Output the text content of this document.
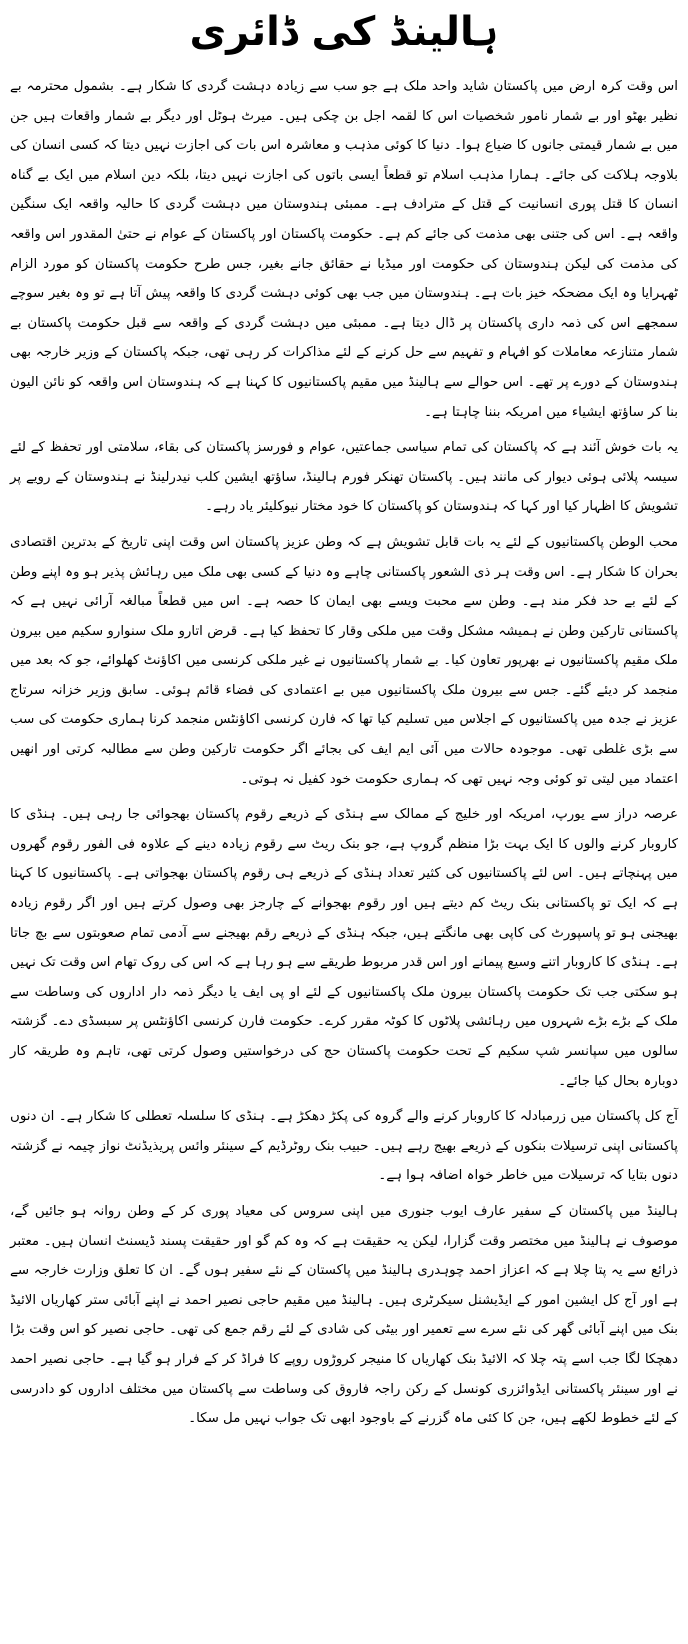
ہالینڈ کی ڈائری

اس وقت کرہ ارض میں پاکستان شاید واحد ملک ہے جو سب سے زیادہ دہشت گردی کا شکار ہے۔ بشمول محترمہ بے نظیر بھٹو اور بے شمار نامور شخصیات اس کا لقمہ اجل بن چکی ہیں۔ میرٹ ہوٹل اور دیگر بے شمار واقعات ہیں جن میں بے شمار قیمتی جانوں کا ضیاع ہوا۔ دنیا کا کوئی مذہب و معاشرہ اس بات کی اجازت نہیں دیتا کہ کسی انسان کی بلاوجہ ہلاکت کی جائے۔ ہمارا مذہب اسلام تو قطعاً ایسی باتوں کی اجازت نہیں دیتا، بلکہ دین اسلام میں ایک بے گناہ انسان کا قتل پوری انسانیت کے قتل کے مترادف ہے۔ ممبئی ہندوستان میں دہشت گردی کا حالیہ واقعہ ایک سنگین واقعہ ہے۔ اس کی جتنی بھی مذمت کی جائے کم ہے۔ حکومت پاکستان اور پاکستان کے عوام نے حتیٰ المقدور اس واقعہ کی مذمت کی لیکن ہندوستان کی حکومت اور میڈیا نے حقائق جانے بغیر، جس طرح حکومت پاکستان کو مورد الزام ٹھہرایا وہ ایک مضحکہ خیز بات ہے۔ ہندوستان میں جب بھی کوئی دہشت گردی کا واقعہ پیش آتا ہے تو وہ بغیر سوچے سمجھے اس کی ذمہ داری پاکستان پر ڈال دیتا ہے۔ ممبئی میں دہشت گردی کے واقعہ سے قبل حکومت پاکستان بے شمار متنازعہ معاملات کو افہام و تفہیم سے حل کرنے کے لئے مذاکرات کر رہی تھی، جبکہ پاکستان کے وزیر خارجہ بھی ہندوستان کے دورے پر تھے۔ اس حوالے سے ہالینڈ میں مقیم پاکستانیوں کا کہنا ہے کہ ہندوستان اس واقعہ کو نائن الیون بنا کر ساؤتھ ایشیاء میں امریکہ بننا چاہتا ہے۔

یہ بات خوش آئند ہے کہ پاکستان کی تمام سیاسی جماعتیں، عوام و فورسز پاکستان کی بقاء، سلامتی اور تحفظ کے لئے سیسہ پلائی ہوئی دیوار کی مانند ہیں۔ پاکستان تھنکر فورم ہالینڈ، ساؤتھ ایشین کلب نیدرلینڈ نے ہندوستان کے رویے پر تشویش کا اظہار کیا اور کہا کہ ہندوستان کو پاکستان کا خود مختار نیوکلیئر یاد رہے۔

محب الوطن پاکستانیوں کے لئے یہ بات قابل تشویش ہے کہ وطن عزیز پاکستان اس وقت اپنی تاریخ کے بدترین اقتصادی بحران کا شکار ہے۔ اس وقت ہر ذی الشعور پاکستانی چاہے وہ دنیا کے کسی بھی ملک میں رہائش پذیر ہو وہ اپنے وطن کے لئے بے حد فکر مند ہے۔ وطن سے محبت ویسے بھی ایمان کا حصہ ہے۔ اس میں قطعاً مبالغہ آرائی نہیں ہے کہ پاکستانی تارکین وطن نے ہمیشہ مشکل وقت میں ملکی وقار کا تحفظ کیا ہے۔ قرض اتارو ملک سنوارو سکیم میں بیرون ملک مقیم پاکستانیوں نے بھرپور تعاون کیا۔ بے شمار پاکستانیوں نے غیر ملکی کرنسی میں اکاؤنٹ کھلوائے، جو کہ بعد میں منجمد کر دیئے گئے۔ جس سے بیرون ملک پاکستانیوں میں بے اعتمادی کی فضاء قائم ہوئی۔ سابق وزیر خزانہ سرتاج عزیز نے جدہ میں پاکستانیوں کے اجلاس میں تسلیم کیا تھا کہ فارن کرنسی اکاؤنٹس منجمد کرنا ہماری حکومت کی سب سے بڑی غلطی تھی۔ موجودہ حالات میں آئی ایم ایف کی بجائے اگر حکومت تارکین وطن سے مطالبہ کرتی اور انھیں اعتماد میں لیتی تو کوئی وجہ نہیں تھی کہ ہماری حکومت خود کفیل نہ ہوتی۔

عرصہ دراز سے یورپ، امریکہ اور خلیج کے ممالک سے ہنڈی کے ذریعے رقوم پاکستان بھجوائی جا رہی ہیں۔ ہنڈی کا کاروبار کرنے والوں کا ایک بہت بڑا منظم گروپ ہے، جو بنک ریٹ سے رقوم زیادہ دینے کے علاوہ فی الفور رقوم گھروں میں پہنچاتے ہیں۔ اس لئے پاکستانیوں کی کثیر تعداد ہنڈی کے ذریعے ہی رقوم پاکستان بھجواتی ہے۔ پاکستانیوں کا کہنا ہے کہ ایک تو پاکستانی بنک ریٹ کم دیتے ہیں اور رقوم بھجوانے کے چارجز بھی وصول کرتے ہیں اور اگر رقوم زیادہ بھیجنی ہو تو پاسپورٹ کی کاپی بھی مانگتے ہیں، جبکہ ہنڈی کے ذریعے رقم بھیجنے سے آدمی تمام صعوبتوں سے بچ جاتا ہے۔ ہنڈی کا کاروبار اتنے وسیع پیمانے اور اس قدر مربوط طریقے سے ہو رہا ہے کہ اس کی روک تھام اس وقت تک نہیں ہو سکتی جب تک حکومت پاکستان بیرون ملک پاکستانیوں کے لئے او پی ایف یا دیگر ذمہ دار اداروں کی وساطت سے ملک کے بڑے بڑے شہروں میں رہائشی پلاٹوں کا کوٹہ مقرر کرے۔ حکومت فارن کرنسی اکاؤنٹس پر سبسڈی دے۔ گزشتہ سالوں میں سپانسر شپ سکیم کے تحت حکومت پاکستان حج کی درخواستیں وصول کرتی تھی، تاہم وہ طریقہ کار دوبارہ بحال کیا جائے۔

آج کل پاکستان میں زرمبادلہ کا کاروبار کرنے والے گروہ کی پکڑ دھکڑ ہے۔ ہنڈی کا سلسلہ تعطلی کا شکار ہے۔ ان دنوں پاکستانی اپنی ترسیلات بنکوں کے ذریعے بھیج رہے ہیں۔ حبیب بنک روٹرڈیم کے سینئر وائس پریذیڈنٹ نواز چیمہ نے گزشتہ دنوں بتایا کہ ترسیلات میں خاطر خواہ اضافہ ہوا ہے۔

ہالینڈ میں پاکستان کے سفیر عارف ایوب جنوری میں اپنی سروس کی معیاد پوری کر کے وطن روانہ ہو جائیں گے، موصوف نے ہالینڈ میں مختصر وقت گزارا، لیکن یہ حقیقت ہے کہ وہ کم گو اور حقیقت پسند ڈیسنٹ انسان ہیں۔ معتبر ذرائع سے یہ پتا چلا ہے کہ اعزاز احمد چوہدری ہالینڈ میں پاکستان کے نئے سفیر ہوں گے۔ ان کا تعلق وزارت خارجہ سے ہے اور آج کل ایشین امور کے ایڈیشنل سیکرٹری ہیں۔ ہالینڈ میں مقیم حاجی نصیر احمد نے اپنے آبائی ستر کھاریاں الائیڈ بنک میں اپنے آبائی گھر کی نئے سرے سے تعمیر اور بیٹی کی شادی کے لئے رقم جمع کی تھی۔ حاجی نصیر کو اس وقت بڑا دھچکا لگا جب اسے پتہ چلا کہ الائیڈ بنک کھاریاں کا منیجر کروڑوں روپے کا فراڈ کر کے فرار ہو گیا ہے۔ حاجی نصیر احمد نے اور سینئر پاکستانی ایڈوائزری کونسل کے رکن راجہ فاروق کی وساطت سے پاکستان میں مختلف اداروں کو دادرسی کے لئے خطوط لکھے ہیں، جن کا کئی ماہ گزرنے کے باوجود ابھی تک جواب نہیں مل سکا۔
